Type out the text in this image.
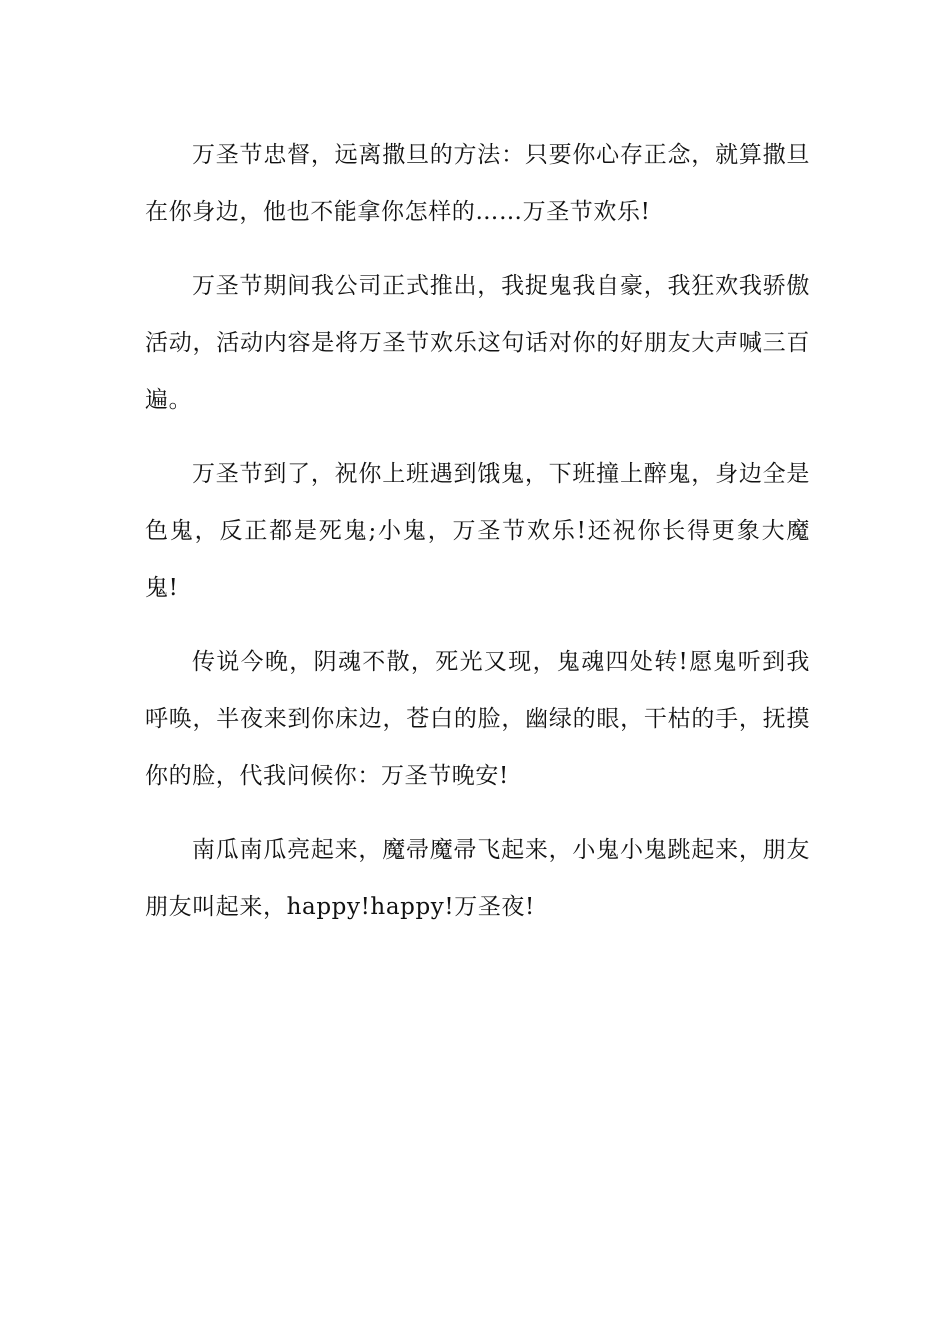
万圣节忠督，远离撒旦的方法：只要你心存正念，就算撒旦在你身边，他也不能拿你怎样的……万圣节欢乐!

万圣节期间我公司正式推出，我捉鬼我自豪，我狂欢我骄傲活动，活动内容是将万圣节欢乐这句话对你的好朋友大声喊三百遍。

万圣节到了，祝你上班遇到饿鬼，下班撞上醉鬼，身边全是色鬼，反正都是死鬼;小鬼，万圣节欢乐!还祝你长得更象大魔鬼!

传说今晚，阴魂不散，死光又现，鬼魂四处转!愿鬼听到我呼唤，半夜来到你床边，苍白的脸，幽绿的眼，干枯的手，抚摸你的脸，代我问候你：万圣节晚安!

南瓜南瓜亮起来，魔帚魔帚飞起来，小鬼小鬼跳起来，朋友朋友叫起来，happy!happy!万圣夜!
